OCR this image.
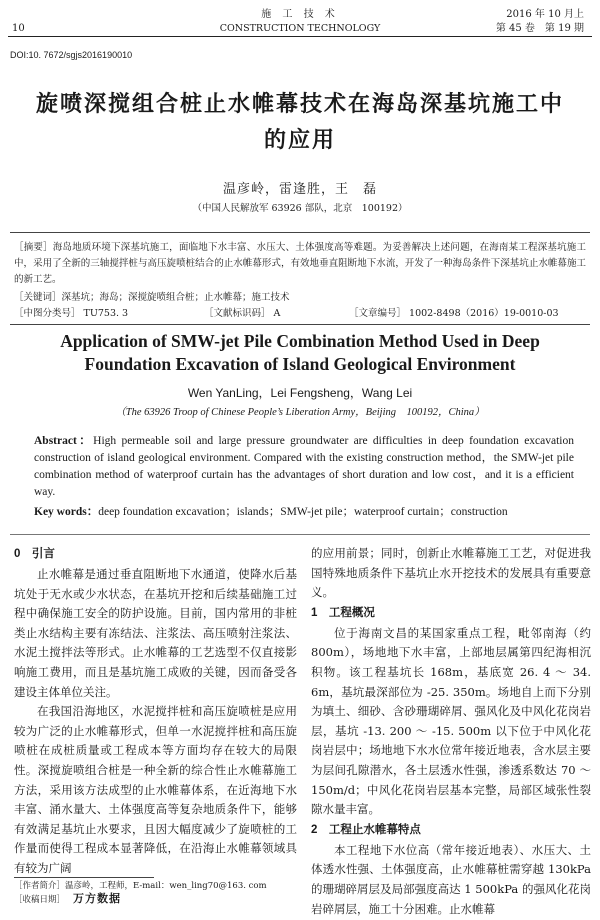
10
施 工 技 术
CONSTRUCTION TECHNOLOGY
2016 年 10 月上
第 45 卷　第 19 期
DOI:10. 7672/sgjs2016190010
旋喷深搅组合桩止水帷幕技术在海岛深基坑施工中的应用
温彦岭，雷逢胜，王　磊
（中国人民解放军 63926 部队，北京　100192）
［摘要］海岛地质环境下深基坑施工，面临地下水丰富、水压大、土体强度高等难题。为妥善解决上述问题，在海南某工程深基坑施工中，采用了全新的三轴搅拌桩与高压旋喷桩结合的止水帷幕形式，有效地垂直阻断地下水流，开发了一种海岛条件下深基坑止水帷幕施工的新工艺。
［关键词］深基坑；海岛；深搅旋喷组合桩；止水帷幕；施工技术
［中图分类号］ TU753. 3	［文献标识码］ A	［文章编号］ 1002-8498（2016）19-0010-03
Application of SMW-jet Pile Combination Method Used in Deep Foundation Excavation of Island Geological Environment
Wen YanLing，Lei Fengsheng，Wang Lei
（The 63926 Troop of Chinese People’s Liberation Army，Beijing　100192，China）
Abstract：High permeable soil and large pressure groundwater are difficulties in deep foundation excavation construction of island geological environment. Compared with the existing construction method，the SMW-jet pile combination method of waterproof curtain has the advantages of short duration and low cost，and it is a efficient way.
Key words：deep foundation excavation；islands；SMW-jet pile；waterproof curtain；construction
0　引言

止水帷幕是通过垂直阻断地下水通道，使降水后基坑处于无水或少水状态，在基坑开挖和后续基础施工过程中确保施工安全的防护设施。目前，国内常用的非桩类止水结构主要有冻结法、注浆法、高压喷射注浆法、水泥土搅拌法等形式。止水帷幕的工艺选型不仅直接影响施工费用，而且是基坑施工成败的关键，因而备受各建设主体单位关注。

在我国沿海地区，水泥搅拌桩和高压旋喷桩是应用较为广泛的止水帷幕形式，但单一水泥搅拌桩和高压旋喷桩在成桩质量或工程成本等方面均存在较大的局限性。深搅旋喷组合桩是一种全新的综合性止水帷幕施工方法，采用该方法成型的止水帷幕体系，在近海地下水丰富、涌水量大、土体强度高等复杂地质条件下，能够有效满足基坑止水要求，且因大幅度减少了旋喷桩的工作量而使得工程成本显著降低，在沿海止水帷幕领域具有较为广阔

的应用前景；同时，创新止水帷幕施工工艺，对促进我国特殊地质条件下基坑止水开挖技术的发展具有重要意义。

1　工程概况

位于海南文昌的某国家重点工程，毗邻南海（约 800m），场地地下水丰富，上部地层属第四纪海相沉积物。该工程基坑长 168m，基底宽 26. 4 ～ 34. 6m，基坑最深部位为 -25. 350m。场地自上而下分别为填土、细砂、含砂珊瑚碎屑、强风化及中风化花岗岩层，基坑 -13. 200 ～ -15. 500m 以下位于中风化花岗岩层中；场地地下水水位常年接近地表，含水层主要为层间孔隙潜水，各土层透水性强，渗透系数达 70 ～ 150m/d；中风化花岗岩层基本完整，局部区域张性裂隙水量丰富。

2　工程止水帷幕特点

本工程地下水位高（常年接近地表）、水压大、土体透水性强、土体强度高，止水帷幕桩需穿越 130kPa 的珊瑚碎屑层及局部强度高达 1 500kPa 的强风化花岗岩碎屑层，施工十分困难。止水帷幕

［作者简介］温彦岭，工程师，E-mail：wen_ling70@163. com
［收稿日期］ 万方数据
